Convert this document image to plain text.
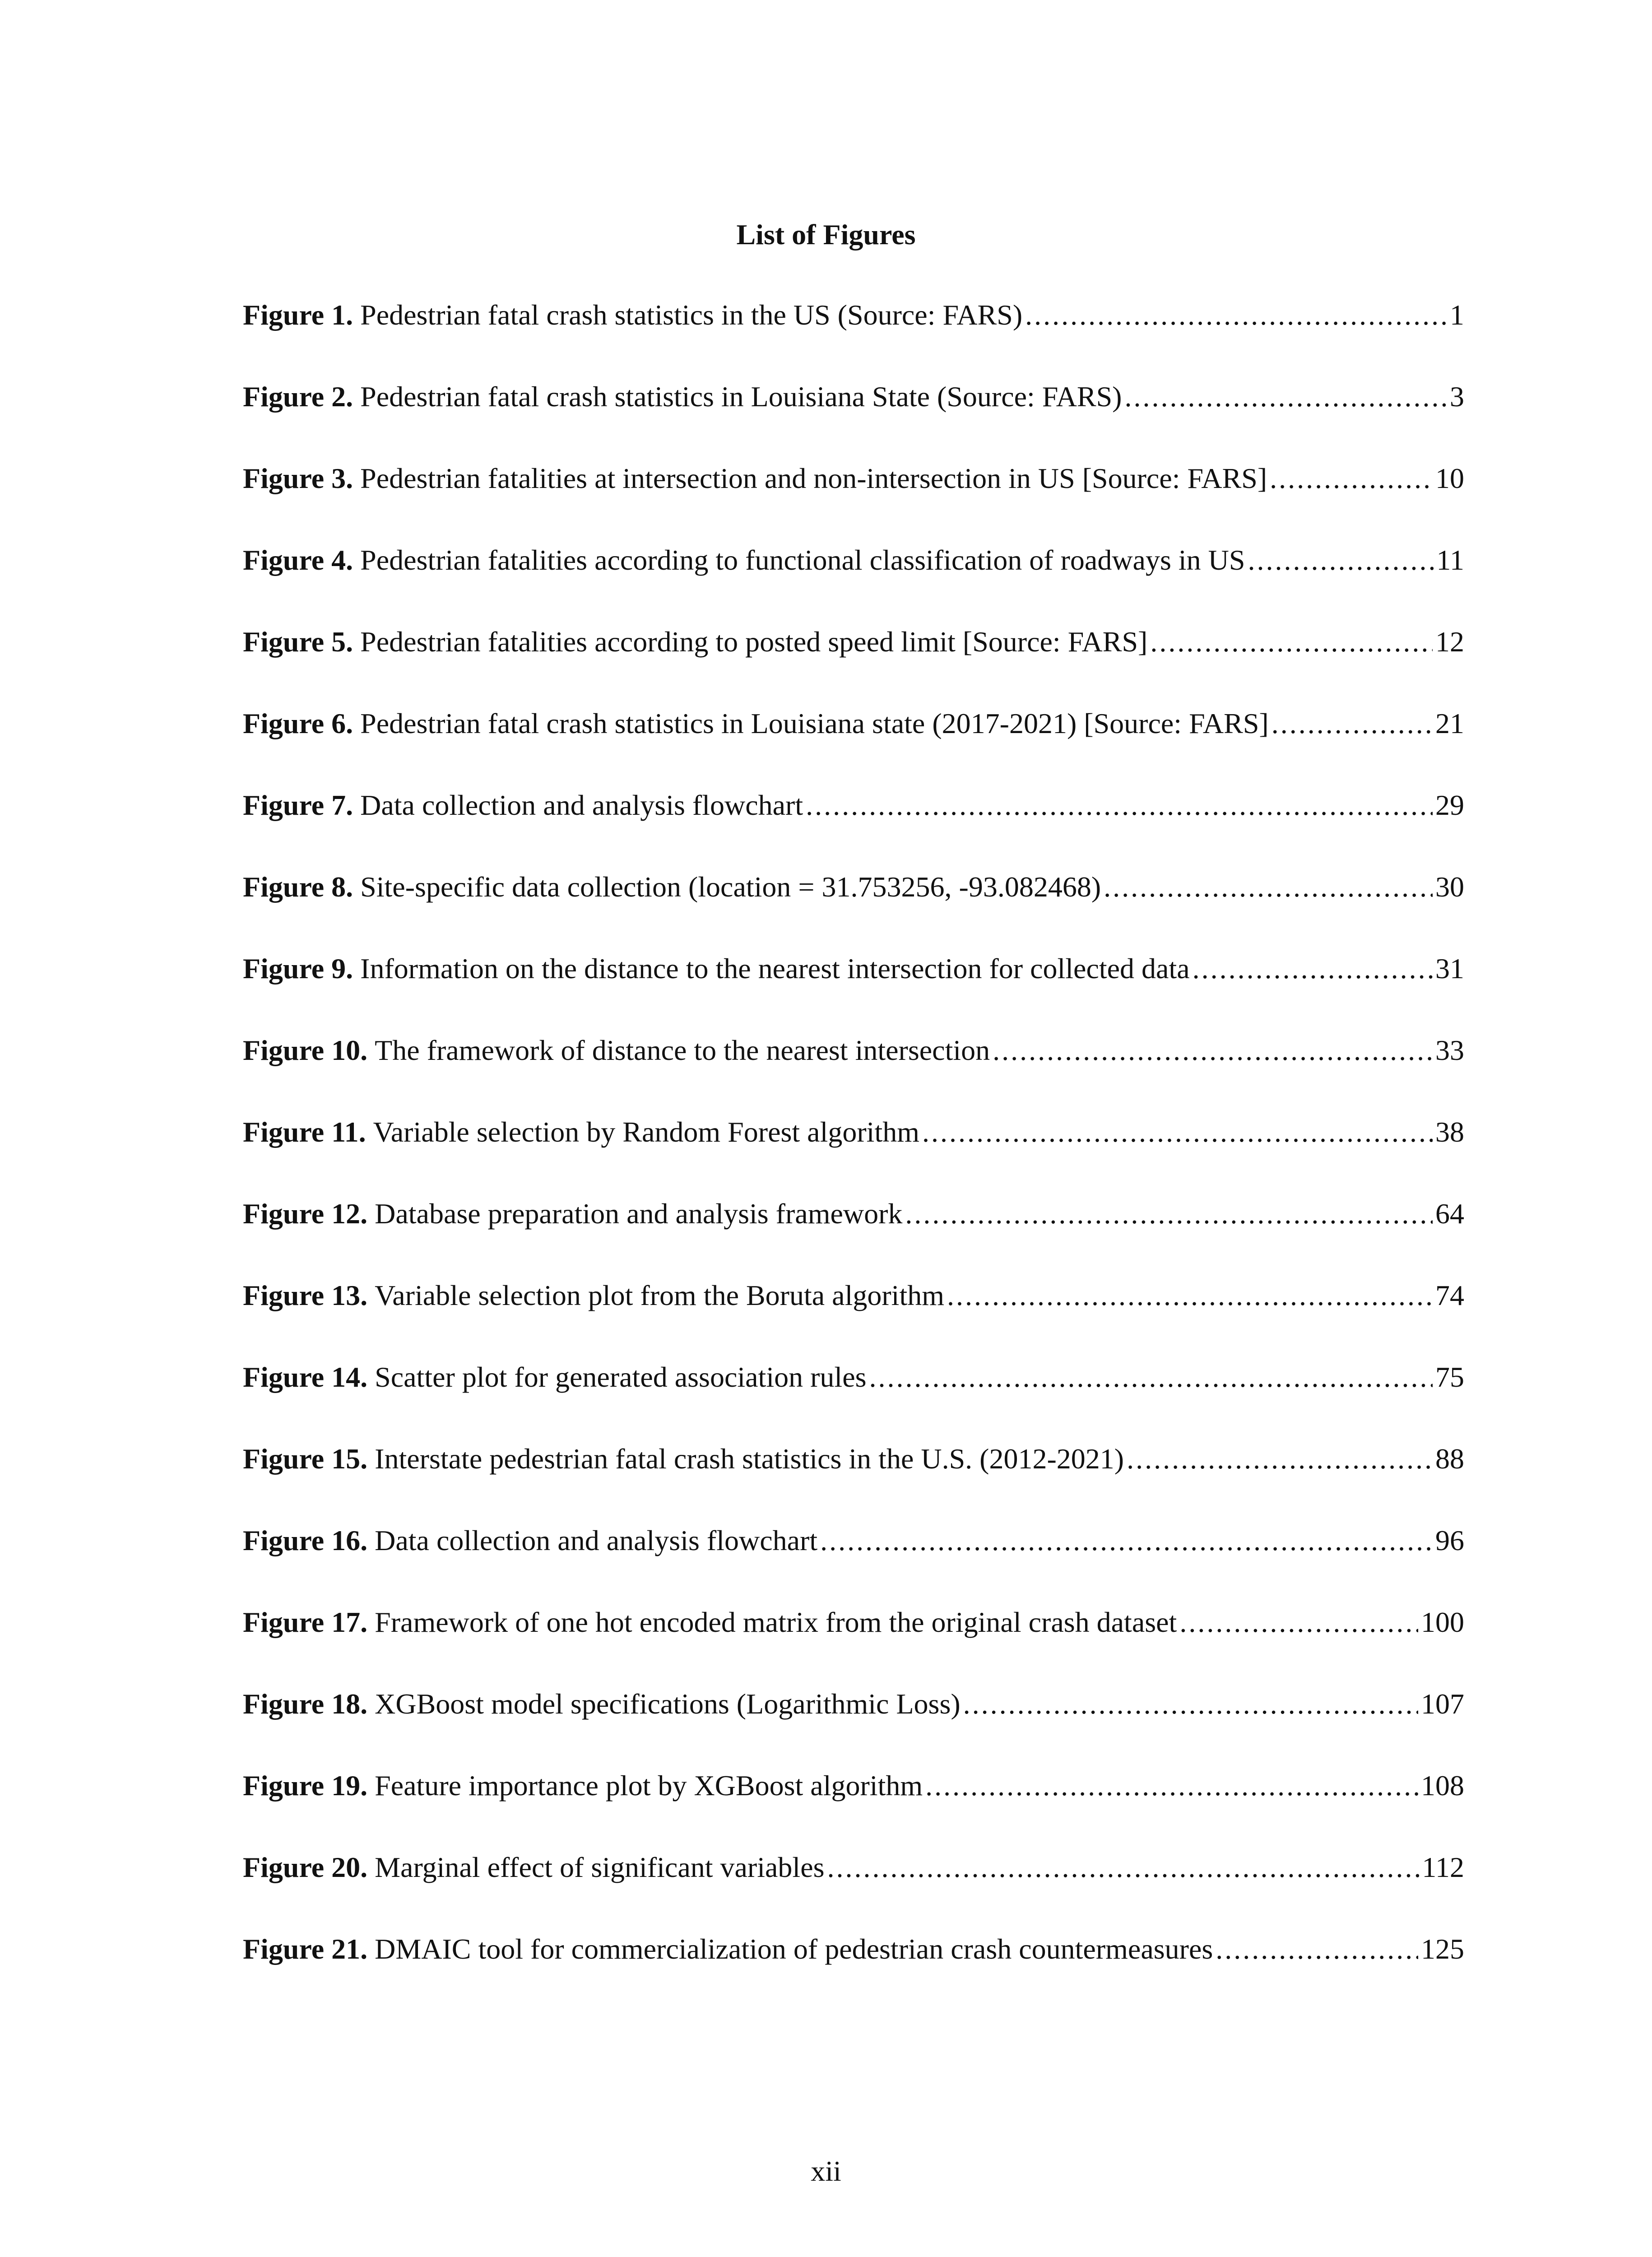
List of Figures
Figure 1.
Pedestrian fatal crash statistics in the US (Source: FARS) . . .	1
Figure 2.
Pedestrian fatal crash statistics in Louisiana State (Source: FARS) . . .	3
Figure 3.
Pedestrian fatalities at intersection and non-intersection in US [Source: FARS] . . .	10
Figure 4.
Pedestrian fatalities according to functional classification of roadways in US . . .	11
Figure 5.
Pedestrian fatalities according to posted speed limit [Source: FARS] . . .	12
Figure 6.
Pedestrian fatal crash statistics in Louisiana state (2017-2021) [Source: FARS] . . .	21
Figure 7.
Data collection and analysis flowchart . . .	29
Figure 8.
Site-specific data collection (location = 31.753256, -93.082468) . . .	30
Figure 9.
Information on the distance to the nearest intersection for collected data . . .	31
Figure 10.
The framework of distance to the nearest intersection . . .	33
Figure 11.
Variable selection by Random Forest algorithm . . .	38
Figure 12.
Database preparation and analysis framework . . .	64
Figure 13.
Variable selection plot from the Boruta algorithm . . .	74
Figure 14.
Scatter plot for generated association rules . . .	75
Figure 15.
Interstate pedestrian fatal crash statistics in the U.S. (2012-2021) . . .	88
Figure 16.
Data collection and analysis flowchart . . .	96
Figure 17.
Framework of one hot encoded matrix from the original crash dataset . . .	100
Figure 18.
XGBoost model specifications (Logarithmic Loss) . . .	107
Figure 19.
Feature importance plot by XGBoost algorithm . . .	108
Figure 20.
Marginal effect of significant variables . . .	112
Figure 21.
DMAIC tool for commercialization of pedestrian crash countermeasures . . .	125
xii
